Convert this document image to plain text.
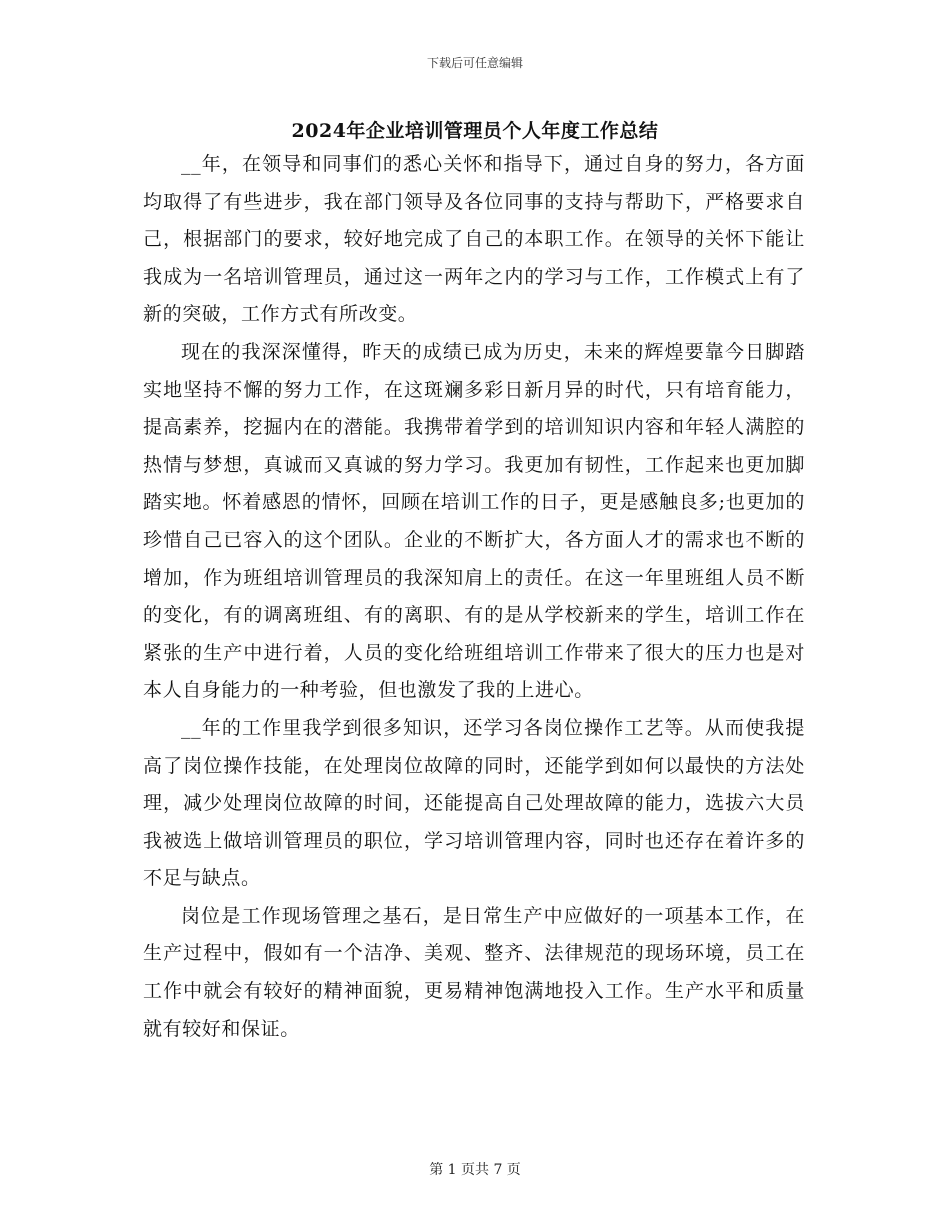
下载后可任意编辑
2024年企业培训管理员个人年度工作总结

__年，在领导和同事们的悉心关怀和指导下，通过自身的努力，各方面均取得了有些进步，我在部门领导及各位同事的支持与帮助下，严格要求自己，根据部门的要求，较好地完成了自己的本职工作。在领导的关怀下能让我成为一名培训管理员，通过这一两年之内的学习与工作，工作模式上有了新的突破，工作方式有所改变。

现在的我深深懂得，昨天的成绩已成为历史，未来的辉煌要靠今日脚踏实地坚持不懈的努力工作，在这斑斓多彩日新月异的时代，只有培育能力，提高素养，挖掘内在的潜能。我携带着学到的培训知识内容和年轻人满腔的热情与梦想，真诚而又真诚的努力学习。我更加有韧性，工作起来也更加脚踏实地。怀着感恩的情怀，回顾在培训工作的日子，更是感触良多;也更加的珍惜自己已容入的这个团队。企业的不断扩大，各方面人才的需求也不断的增加，作为班组培训管理员的我深知肩上的责任。在这一年里班组人员不断的变化，有的调离班组、有的离职、有的是从学校新来的学生，培训工作在紧张的生产中进行着，人员的变化给班组培训工作带来了很大的压力也是对本人自身能力的一种考验，但也激发了我的上进心。

__年的工作里我学到很多知识，还学习各岗位操作工艺等。从而使我提高了岗位操作技能，在处理岗位故障的同时，还能学到如何以最快的方法处理，减少处理岗位故障的时间，还能提高自己处理故障的能力，选拔六大员我被选上做培训管理员的职位，学习培训管理内容，同时也还存在着许多的不足与缺点。

岗位是工作现场管理之基石，是日常生产中应做好的一项基本工作，在生产过程中，假如有一个洁净、美观、整齐、法律规范的现场环境，员工在工作中就会有较好的精神面貌，更易精神饱满地投入工作。生产水平和质量就有较好和保证。

第 1 页共 7 页
